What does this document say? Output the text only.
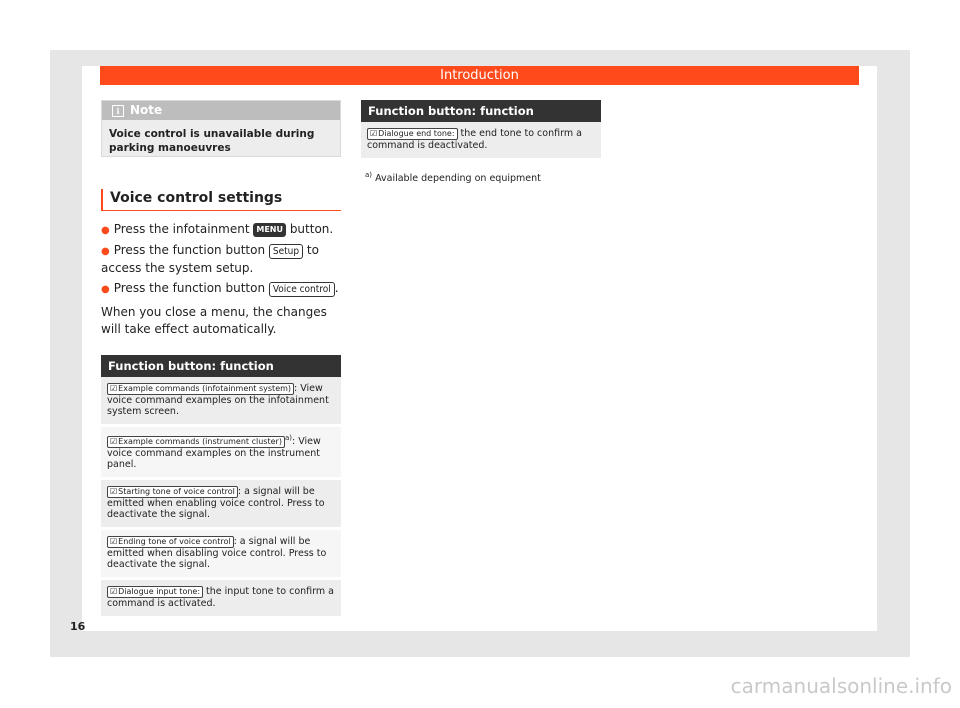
Introduction
i Note
Voice control is unavailable during parking manoeuvres
Voice control settings
● Press the infotainment MENU button.
● Press the function button Setup to access the system setup.
● Press the function button Voice control .
When you close a menu, the changes will take effect automatically.
Function button: function
☑Example commands (infotainment system) : View voice command examples on the infotainment system screen.
☑Example commands (instrument cluster) $^{a)}$: View voice command examples on the instrument panel.
☑Starting tone of voice control : a signal will be emitted when enabling voice control. Press to deactivate the signal.
☑Ending tone of voice control : a signal will be emitted when disabling voice control. Press to deactivate the signal.
☑Dialogue input tone: the input tone to confirm a command is activated.
Function button: function
☑Dialogue end tone: the end tone to confirm a command is deactivated.
$^{a)}$ Available depending on equipment
16
carmanualsonline.info
